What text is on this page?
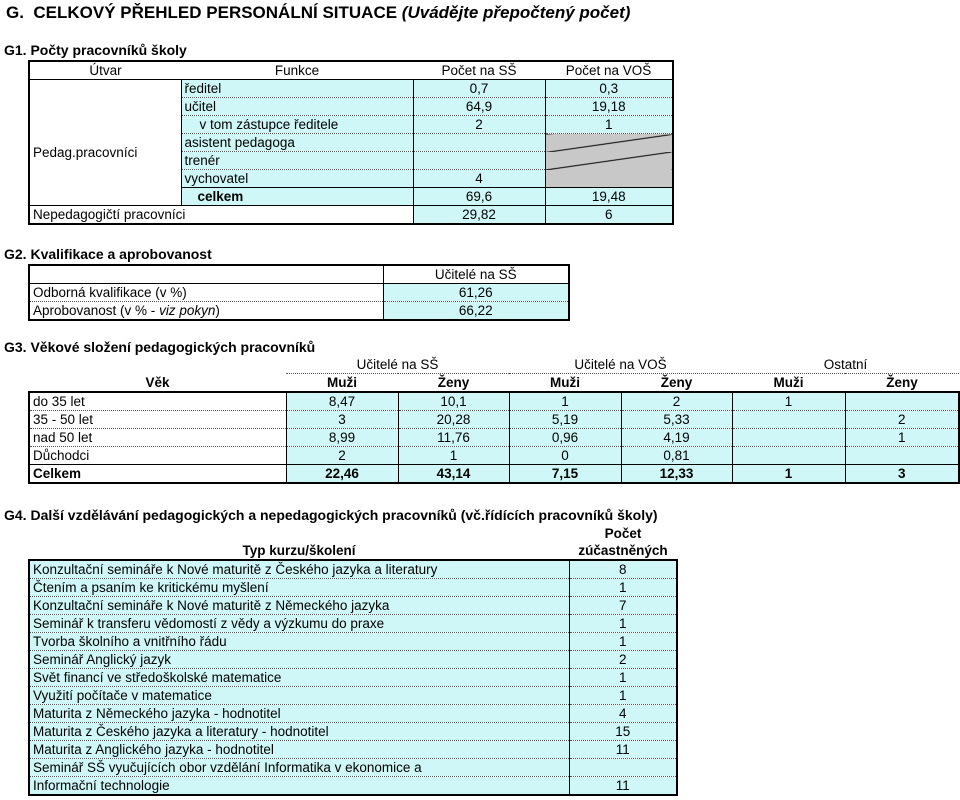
G. CELKOVÝ PŘEHLED PERSONÁLNÍ SITUACE (Uvádějte přepočtený počet)
G1. Počty pracovníků školy
Útvar	Funkce	Počet na SŠ	Počet na VOŠ
Pedag.pracovníci	ředitel	0,7	0,3
	učitel	64,9	19,18
	v tom zástupce ředitele	2	1
	asistent pedagoga		
	trenér		
	vychovatel	4	
	celkem	69,6	19,48
Nepedagogičtí pracovníci		29,82	6
G2. Kvalifikace a aprobovanost
	Učitelé na SŠ
Odborná kvalifikace (v %)	61,26
Aprobovanost (v % - viz pokyn)	66,22
G3. Věkové složení pedagogických pracovníků
	Učitelé na SŠ		Učitelé na VOŠ		Ostatní	
Věk	Muži	Ženy	Muži	Ženy	Muži	Ženy
do 35 let	8,47	10,1	1	2	1	
35 - 50 let	3	20,28	5,19	5,33		2
nad 50 let	8,99	11,76	0,96	4,19		1
Důchodci	2	1	0	0,81		
Celkem	22,46	43,14	7,15	12,33	1	3
G4. Další vzdělávání pedagogických a nepedagogických pracovníků (vč.řídících pracovníků školy)
Typ kurzu/školení	Počet
	zúčastněných
Konzultační semináře k Nové maturitě z Českého jazyka a literatury	8
Čtením a psaním ke kritickému myšlení	1
Konzultační semináře k Nové maturitě z Německého jazyka	7
Seminář k transferu vědomostí z vědy a výzkumu do praxe	1
Tvorba školního a vnitřního řádu	1
Seminář Anglický jazyk	2
Svět financí ve středoškolské matematice	1
Využití počítače v matematice	1
Maturita z Německého jazyka - hodnotitel	4
Maturita z Českého jazyka a literatury - hodnotitel	15
Maturita z Anglického jazyka - hodnotitel	11
Seminář SŠ vyučujících obor vzdělání Informatika v ekonomice a	
Informační technologie	11
